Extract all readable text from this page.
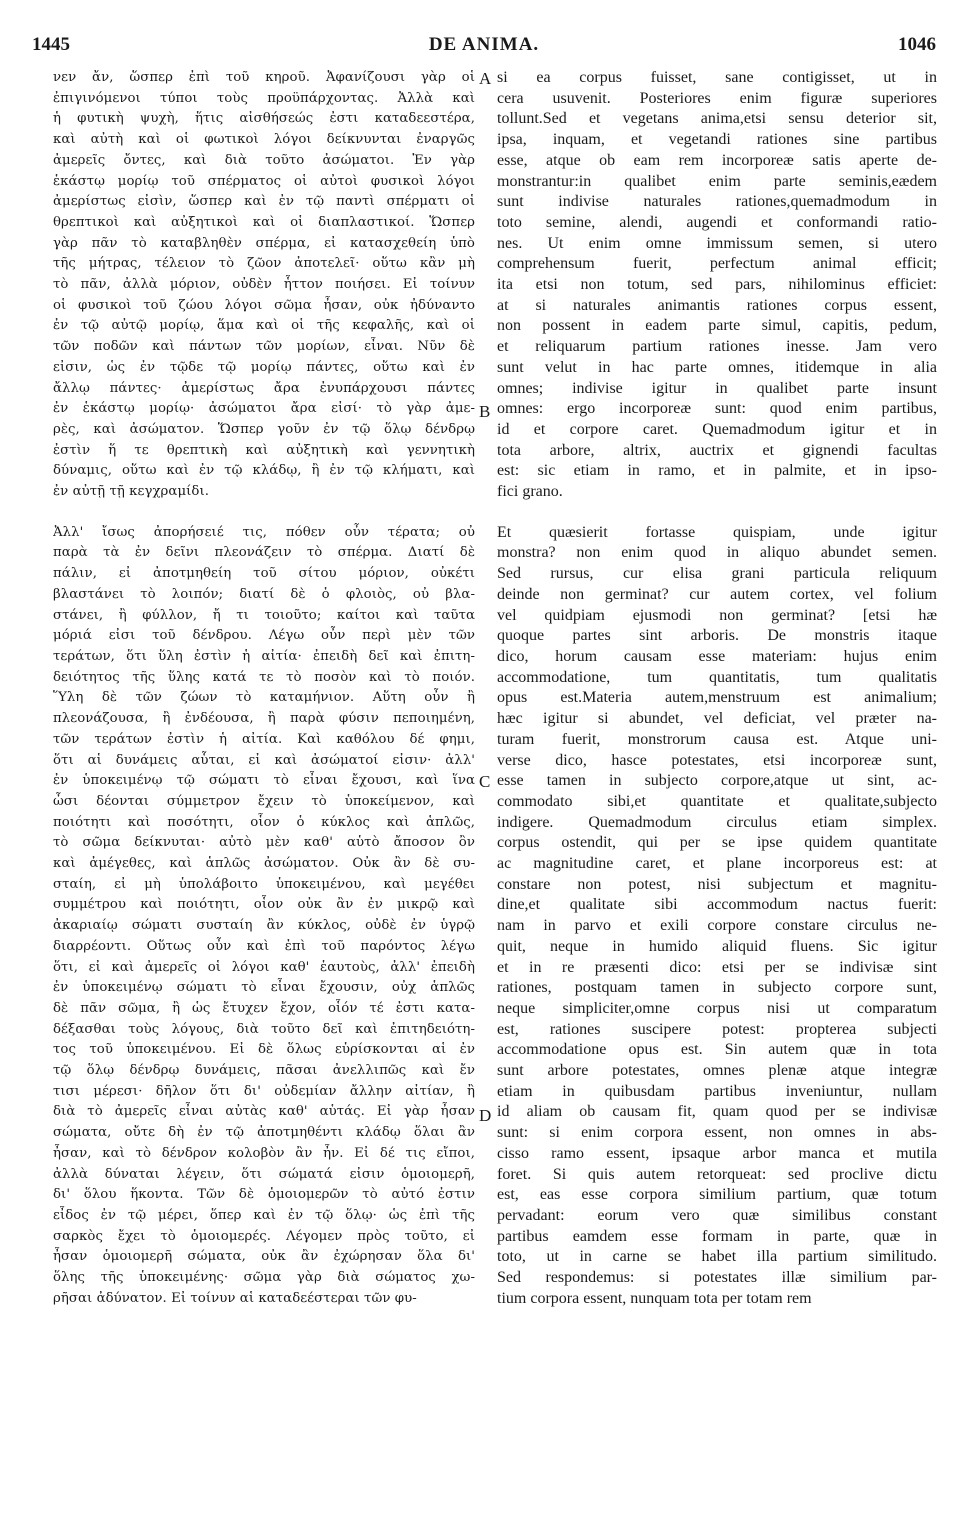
1445	DE ANIMA.	1046
νεν ἄν, ὥσπερ ἐπὶ τοῦ κηροῦ. Ἀφανίζουσι γὰρ οἱ
ἐπιγινόμενοι τύποι τοὺς προϋπάρχοντας. Ἀλλὰ καὶ
ἡ φυτικὴ ψυχὴ, ἥτις αἰσθήσεώς ἐστι καταδεεστέρα,
καὶ αὐτὴ καὶ οἱ φωτικοὶ λόγοι δείκνυνται ἐναργῶς
ἀμερεῖς ὄντες, καὶ διὰ τοῦτο ἀσώματοι. Ἐν γὰρ
ἑκάστῳ μορίῳ τοῦ σπέρματος οἱ αὐτοὶ φυσικοὶ λόγοι
ἀμερίστως εἰσὶν, ὥσπερ καὶ ἐν τῷ παντὶ σπέρματι οἱ
θρεπτικοὶ καὶ αὐξητικοὶ καὶ οἱ διαπλαστικοί. Ὥσπερ
γὰρ πᾶν τὸ καταβληθὲν σπέρμα, εἰ κατασχεθείη ὑπὸ
τῆς μήτρας, τέλειον τὸ ζῶον ἀποτελεῖ· οὕτω κἂν μὴ
τὸ πᾶν, ἀλλὰ μόριον, οὐδὲν ἧττον ποιήσει. Εἰ τοίνυν
οἱ φυσικοὶ τοῦ ζώου λόγοι σῶμα ἦσαν, οὐκ ἠδύναντο
ἐν τῷ αὐτῷ μορίῳ, ἅμα καὶ οἱ τῆς κεφαλῆς, καὶ οἱ
τῶν ποδῶν καὶ πάντων τῶν μορίων, εἶναι. Νῦν δὲ
εἰσιν, ὡς ἐν τῷδε τῷ μορίῳ πάντες, οὕτω καὶ ἐν
ἄλλῳ πάντες· ἀμερίστως ἄρα ἐνυπάρχουσι πάντες
ἐν ἑκάστῳ μορίῳ· ἀσώματοι ἄρα εἰσί· τὸ γὰρ ἀμε-
ρὲς, καὶ ἀσώματον. Ὥσπερ γοῦν ἐν τῷ ὅλῳ δένδρῳ
ἐστὶν ἥ τε θρεπτικὴ καὶ αὐξητικὴ καὶ γεννητικὴ
δύναμις, οὕτω καὶ ἐν τῷ κλάδῳ, ἢ ἐν τῷ κλήματι, καὶ
ἐν αὐτῇ τῇ κεγχραμίδι.
Ἀλλ' ἴσως ἀπορήσειέ τις, πόθεν οὖν τέρατα; οὐ
παρὰ τὰ ἐν δεῖνι πλεονάζειν τὸ σπέρμα. Διατί δὲ
πάλιν, εἰ ἀποτμηθείη τοῦ σίτου μόριον, οὐκέτι
βλαστάνει τὸ λοιπόν; διατί δὲ ὁ φλοιὸς, οὐ βλα-
στάνει, ἢ φύλλον, ἤ τι τοιοῦτο; καίτοι καὶ ταῦτα
μόριά εἰσι τοῦ δένδρου. Λέγω οὖν περὶ μὲν τῶν
τεράτων, ὅτι ὕλη ἐστὶν ἡ αἰτία· ἐπειδὴ δεῖ καὶ ἐπιτη-
δειότητος τῆς ὕλης κατά τε τὸ ποσὸν καὶ τὸ ποιόν.
Ὕλη δὲ τῶν ζώων τὸ καταμήνιον. Αὕτη οὖν ἢ
πλεονάζουσα, ἢ ἐνδέουσα, ἢ παρὰ φύσιν πεποιημένη,
τῶν τεράτων ἐστὶν ἡ αἰτία. Καὶ καθόλου δέ φημι,
ὅτι αἱ δυνάμεις αὗται, εἰ καὶ ἀσώματοί εἰσιν· ἀλλ'
ἐν ὑποκειμένῳ τῷ σώματι τὸ εἶναι ἔχουσι, καὶ ἵνα
ὦσι δέονται σύμμετρον ἔχειν τὸ ὑποκείμενον, καὶ
ποιότητι καὶ ποσότητι, οἷον ὁ κύκλος καὶ ἁπλῶς,
τὸ σῶμα δείκνυται· αὐτὸ μὲν καθ' αὑτὸ ἄποσον ὂν
καὶ ἀμέγεθες, καὶ ἁπλῶς ἀσώματον. Οὐκ ἂν δὲ συ-
σταίη, εἰ μὴ ὑπολάβοιτο ὑποκειμένου, καὶ μεγέθει
συμμέτρου καὶ ποιότητι, οἷον οὐκ ἂν ἐν μικρῷ καὶ
ἀκαριαίῳ σώματι συσταίη ἂν κύκλος, οὐδὲ ἐν ὑγρῷ
διαρρέοντι. Οὕτως οὖν καὶ ἐπὶ τοῦ παρόντος λέγω
ὅτι, εἰ καὶ ἀμερεῖς οἱ λόγοι καθ' ἑαυτοὺς, ἀλλ' ἐπειδὴ
ἐν ὑποκειμένῳ σώματι τὸ εἶναι ἔχουσιν, οὐχ ἁπλῶς
δὲ πᾶν σῶμα, ἢ ὡς ἔτυχεν ἔχον, οἷόν τέ ἐστι κατα-
δέξασθαι τοὺς λόγους, διὰ τοῦτο δεῖ καὶ ἐπιτηδειότη-
τος τοῦ ὑποκειμένου. Εἰ δὲ ὅλως εὑρίσκονται αἱ ἐν
τῷ ὅλῳ δένδρῳ δυνάμεις, πᾶσαι ἀνελλιπῶς καὶ ἔν
τισι μέρεσι· δῆλον ὅτι δι' οὐδεμίαν ἄλλην αἰτίαν, ἢ
διὰ τὸ ἀμερεῖς εἶναι αὐτὰς καθ' αὑτάς. Εἰ γὰρ ἦσαν
σώματα, οὔτε δὴ ἐν τῷ ἀποτμηθέντι κλάδῳ ὅλαι ἂν
ἦσαν, καὶ τὸ δένδρον κολοβὸν ἂν ἦν. Εἰ δέ τις εἴποι,
ἀλλὰ δύναται λέγειν, ὅτι σώματά εἰσιν ὁμοιομερῆ,
δι' ὅλου ἥκοντα. Τῶν δὲ ὁμοιομερῶν τὸ αὐτό ἐστιν
εἶδος ἐν τῷ μέρει, ὅπερ καὶ ἐν τῷ ὅλῳ· ὡς ἐπὶ τῆς
σαρκὸς ἔχει τὸ ὁμοιομερές. Λέγομεν πρὸς τοῦτο, εἰ
ἦσαν ὁμοιομερῆ σώματα, οὐκ ἂν ἐχώρησαν ὅλα δι'
ὅλης τῆς ὑποκειμένης· σῶμα γὰρ διὰ σώματος χω-
ρῆσαι ἀδύνατον. Εἰ τοίνυν αἱ καταδεέστεραι τῶν φυ-
si ea corpus fuisset, sane contigisset, ut in
cera usuvenit. Posteriores enim figuræ superiores
tollunt.Sed et vegetans anima,etsi sensu deterior sit,
ipsa, inquam, et vegetandi rationes sine partibus
esse, atque ob eam rem incorporeæ satis aperte de-
monstrantur:in qualibet enim parte seminis,eædem
sunt indivise naturales rationes,quemadmodum in
toto semine, alendi, augendi et conformandi ratio-
nes. Ut enim omne immissum semen, si utero
comprehensum fuerit, perfectum animal efficit;
ita etsi non totum, sed pars, nihilominus efficiet:
at si naturales animantis rationes corpus essent,
non possent in eadem parte simul, capitis, pedum,
et reliquarum partium rationes inesse. Jam vero
sunt velut in hac parte omnes, itidemque in alia
omnes; indivise igitur in qualibet parte insunt
omnes: ergo incorporeæ sunt: quod enim partibus,
id et corpore caret. Quemadmodum igitur et in
tota arbore, altrix, auctrix et gignendi facultas
est: sic etiam in ramo, et in palmite, et in ipso-
fici grano.
Et quæsierit fortasse quispiam, unde igitur
monstra? non enim quod in aliquo abundet semen.
Sed rursus, cur elisa grani particula reliquum
deinde non germinat? cur autem cortex, vel folium
vel quidpiam ejusmodi non germinat? [etsi hæ
quoque partes sint arboris. De monstris itaque
dico, horum causam esse materiam: hujus enim
accommodatione, tum quantitatis, tum qualitatis
opus est.Materia autem,menstruum est animalium;
hæc igitur si abundet, vel deficiat, vel præter na-
turam fuerit, monstrorum causa est. Atque uni-
verse dico, hasce potestates, etsi incorporeæ sunt,
esse tamen in subjecto corpore,atque ut sint, ac-
commodato sibi,et quantitate et qualitate,subjecto
indigere. Quemadmodum circulus etiam simplex.
corpus ostendit, qui per se ipse quidem quantitate
ac magnitudine caret, et plane incorporeus est: at
constare non potest, nisi subjectum et magnitu-
dine,et qualitate sibi accommodum nactus fuerit:
nam in parvo et exili corpore constare circulus ne-
quit, neque in humido aliquid fluens. Sic igitur
et in re præsenti dico: etsi per se indivisæ sint
rationes, postquam tamen in subjecto corpore sunt,
neque simpliciter,omne corpus nisi ut comparatum
est, rationes suscipere potest: propterea subjecti
accommodatione opus est. Sin autem quæ in tota
sunt arbore potestates, omnes plenæ atque integræ
etiam in quibusdam partibus inveniuntur, nullam
id aliam ob causam fit, quam quod per se indivisæ
sunt: si enim corpora essent, non omnes in abs-
cisso ramo essent, ipsaque arbor manca et mutila
foret. Si quis autem retorqueat: sed proclive dictu
est, eas esse corpora similium partium, quæ totum
pervadant: eorum vero quæ similibus constant
partibus eamdem esse formam in parte, quæ in
toto, ut in carne se habet illa partium similitudo.
Sed respondemus: si potestates illæ similium par-
tium corpora essent, nunquam tota per totam rem
A
B
C
D
